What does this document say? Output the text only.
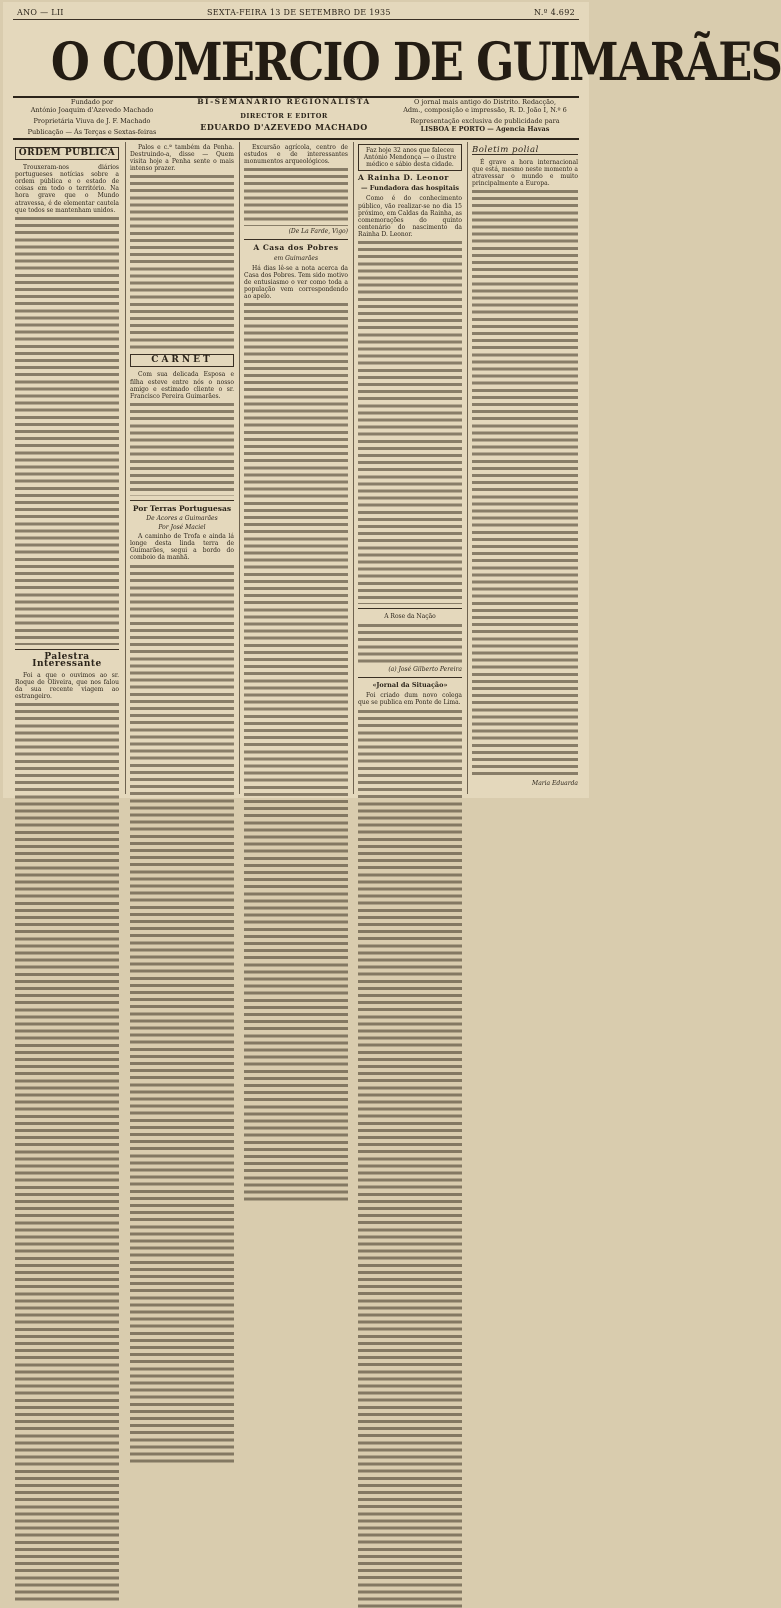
ANO — LII	SEXTA-FEIRA 13 DE SETEMBRO DE 1935	N.º 4.692
O COMERCIO DE GUIMARÃES
Fundado por
António Joaquim d'Azevedo Machado
Proprietária Viuva de J. F. Machado
Publicação — Às Terças e Sextas-feiras
BI-SEMANÁRIO REGIONALISTA
DIRECTOR E EDITOR
EDUARDO D'AZEVEDO MACHADO
O jornal mais antigo do Distrito. Redacção,
Adm., composição e impressão, R. D. João I, N.º 6
Representação exclusiva de publicidade para
LISBOA E PORTO — Agencia Havas
ORDEM PUBLICA

Trouxeram-nos diários portugueses notícias sobre a ordem pública e o estado de coisas em todo o território. Na hora grave que o Mundo atravessa, é de elementar cautela que todos se mantenham unidos.

Palestra Interessante

Foi a que o ouvimos ao sr. Roque de Oliveira, que nos falou da sua recente viagem ao estrangeiro.

Palos e c.ª também da Penha. Destruindo-a, disse — Quem visita hoje a Penha sente o mais intenso prazer.

CARNET

Com sua delicada Esposa e filha esteve entre nós o nosso amigo e estimado cliente o sr. Francisco Pereira Guimarães.

Por Terras Portuguesas
De Acores a Guimarães
Por José Maciel

A caminho de Trofa e ainda lá longe desta linda terra de Guimarães, segui a bordo do comboio da manhã.

Excursão agrícola, centro de estudos e de interessantes monumentos arqueológicos.

(De La Farde, Vigo)
A Casa dos Pobres
em Guimarães

Há dias lê-se a nota acerca da Casa dos Pobres. Tem sido motivo de entusiasmo o ver como toda a população vem correspondendo ao apelo.

Faz hoje 32 anos que faleceu António Mendonça — o ilustre médico e sábio desta cidade.
A Rainha D. Leonor
— Fundadora das hospitais

Como é do conhecimento público, vão realizar-se no dia 15 próximo, em Caldas da Rainha, as comemorações do quinto centenário do nascimento da Rainha D. Leonor.

A Rose da Nação
(a) José Gilberto Pereira
«Jornal da Situação»

Foi criado dum novo colega que se publica em Ponte de Lima.

Boletim polial

É grave a hora internacional que está, mesmo neste momento a atravessar o mundo e muito principalmente a Europa.

Maria Eduarda
